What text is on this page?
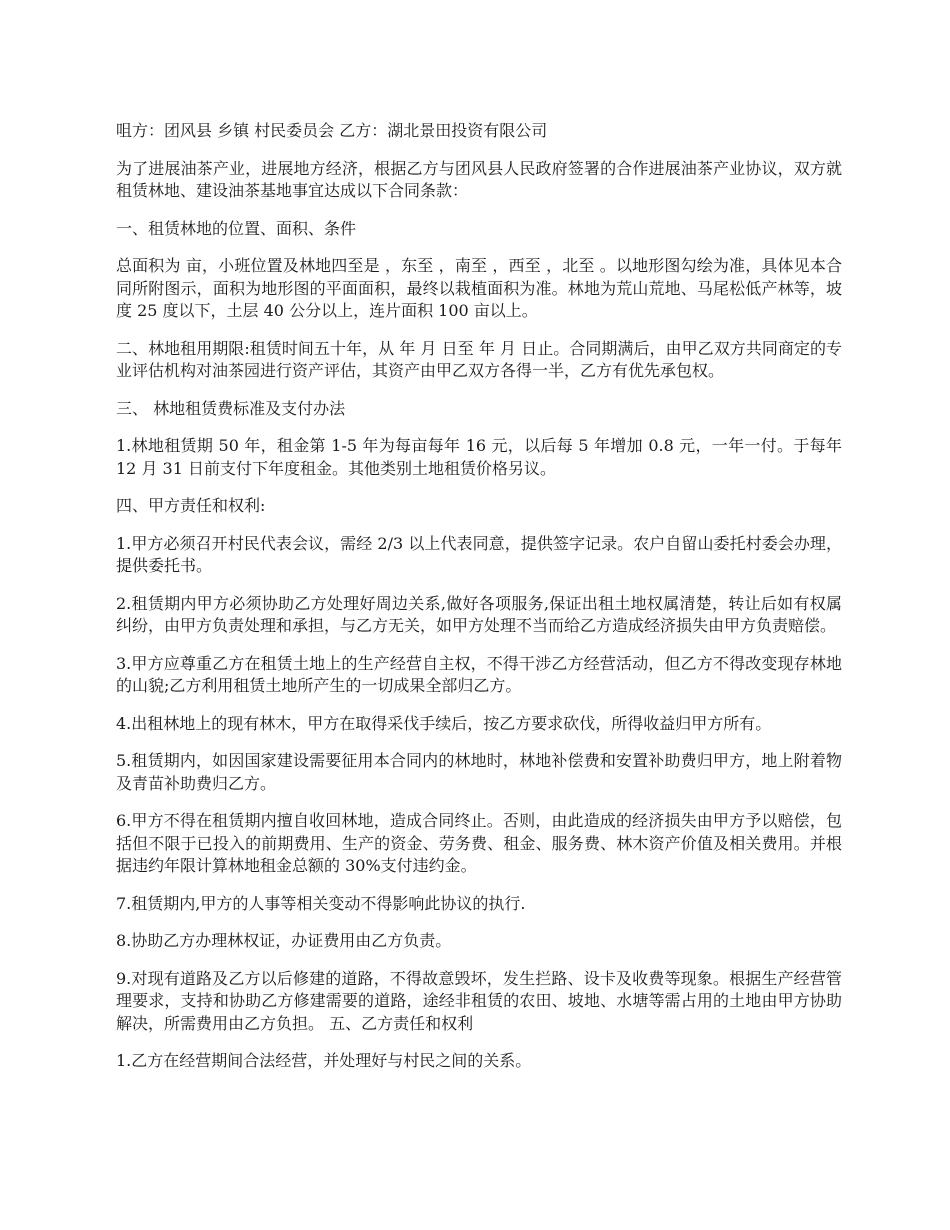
咀方：团风县 乡镇 村民委员会 乙方：湖北景田投资有限公司

为了进展油茶产业，进展地方经济，根据乙方与团风县人民政府签署的合作进展油茶产业协议，双方就租赁林地、建设油茶基地事宜达成以下合同条款：

一、租赁林地的位置、面积、条件

总面积为 亩，小班位置及林地四至是 ，东至 ，南至 ，西至 ，北至 。以地形图勾绘为准，具体见本合同所附图示，面积为地形图的平面面积，最终以栽植面积为准。林地为荒山荒地、马尾松低产林等，坡度 25 度以下，土层 40 公分以上，连片面积 100 亩以上。

二、林地租用期限:租赁时间五十年，从 年 月 日至 年 月 日止。合同期满后，由甲乙双方共同商定的专业评估机构对油茶园进行资产评估，其资产由甲乙双方各得一半，乙方有优先承包权。

三、 林地租赁费标准及支付办法

1.林地租赁期 50 年，租金第 1-5 年为每亩每年 16 元，以后每 5 年增加 0.8 元，一年一付。于每年 12 月 31 日前支付下年度租金。其他类别土地租赁价格另议。

四、甲方责任和权利:

1.甲方必须召开村民代表会议，需经 2/3 以上代表同意，提供签字记录。农户自留山委托村委会办理，提供委托书。

2.租赁期内甲方必须协助乙方处理好周边关系,做好各项服务,保证出租土地权属清楚，转让后如有权属纠纷，由甲方负责处理和承担，与乙方无关，如甲方处理不当而给乙方造成经济损失由甲方负责赔偿。

3.甲方应尊重乙方在租赁土地上的生产经营自主权，不得干涉乙方经营活动，但乙方不得改变现存林地的山貌;乙方利用租赁土地所产生的一切成果全部归乙方。

4.出租林地上的现有林木，甲方在取得采伐手续后，按乙方要求砍伐，所得收益归甲方所有。

5.租赁期内，如因国家建设需要征用本合同内的林地时，林地补偿费和安置补助费归甲方，地上附着物及青苗补助费归乙方。

6.甲方不得在租赁期内擅自收回林地，造成合同终止。否则，由此造成的经济损失由甲方予以赔偿，包括但不限于已投入的前期费用、生产的资金、劳务费、租金、服务费、林木资产价值及相关费用。并根据违约年限计算林地租金总额的 30%支付违约金。

7.租赁期内,甲方的人事等相关变动不得影响此协议的执行.

8.协助乙方办理林权证，办证费用由乙方负责。

9.对现有道路及乙方以后修建的道路，不得故意毁坏，发生拦路、设卡及收费等现象。根据生产经营管理要求，支持和协助乙方修建需要的道路，途经非租赁的农田、坡地、水塘等需占用的土地由甲方协助解决，所需费用由乙方负担。 五、乙方责任和权利

1.乙方在经营期间合法经营，并处理好与村民之间的关系。
